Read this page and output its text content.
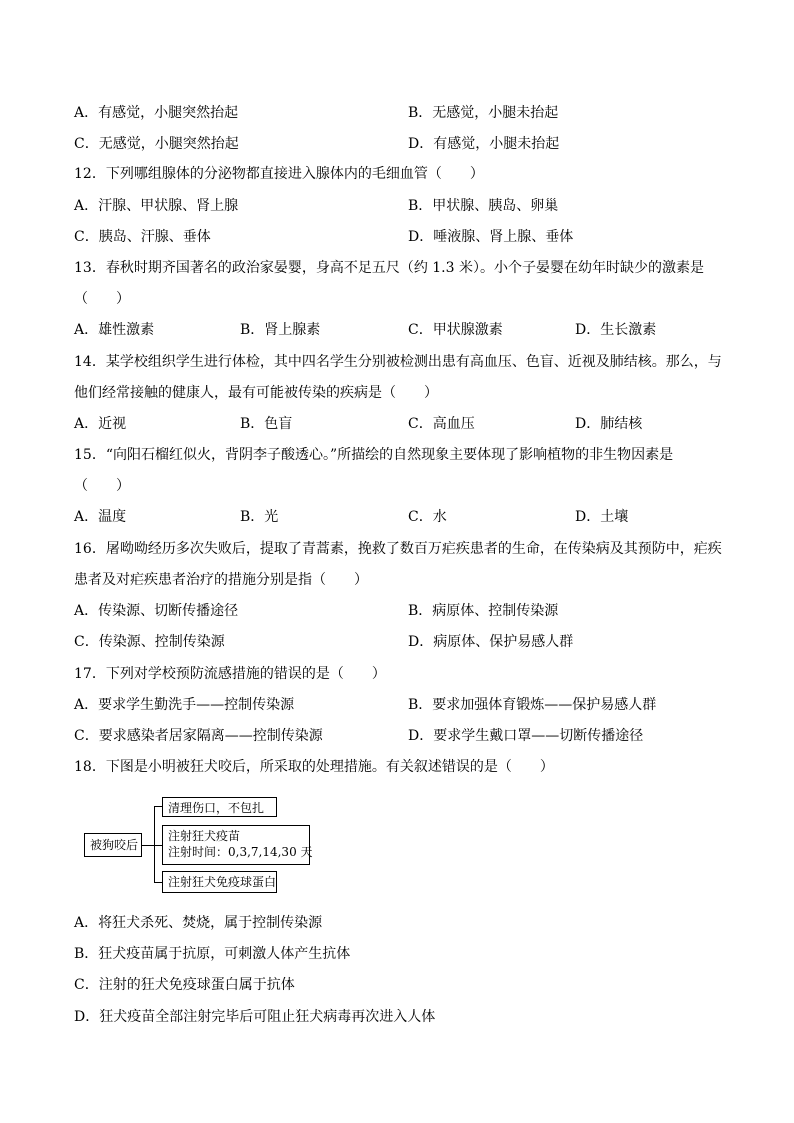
A．有感觉，小腿突然抬起	B．无感觉，小腿未抬起
C．无感觉，小腿突然抬起	D．有感觉，小腿未抬起
12．下列哪组腺体的分泌物都直接进入腺体内的毛细血管（　　）
A．汗腺、甲状腺、肾上腺	B．甲状腺、胰岛、卵巢
C．胰岛、汗腺、垂体	D．唾液腺、肾上腺、垂体
13．春秋时期齐国著名的政治家晏婴，身高不足五尺（约 1.3 米）。小个子晏婴在幼年时缺少的激素是
（　　）
A．雄性激素	B．肾上腺素	C．甲状腺激素	D．生长激素
14．某学校组织学生进行体检，其中四名学生分别被检测出患有高血压、色盲、近视及肺结核。那么，与
他们经常接触的健康人，最有可能被传染的疾病是（　　）
A．近视	B．色盲	C．高血压	D．肺结核
15．“向阳石榴红似火，背阴李子酸透心。”所描绘的自然现象主要体现了影响植物的非生物因素是
（　　）
A．温度	B．光	C．水	D．土壤
16．屠呦呦经历多次失败后，提取了青蒿素，挽救了数百万疟疾患者的生命，在传染病及其预防中，疟疾
患者及对疟疾患者治疗的措施分别是指（　　）
A．传染源、切断传播途径	B．病原体、控制传染源
C．传染源、控制传染源	D．病原体、保护易感人群
17．下列对学校预防流感措施的错误的是（　　）
A．要求学生勤洗手——控制传染源	B．要求加强体育锻炼——保护易感人群
C．要求感染者居家隔离——控制传染源	D．要求学生戴口罩——切断传播途径
18．下图是小明被狂犬咬后，所采取的处理措施。有关叙述错误的是（　　）
被狗咬后
清理伤口，不包扎
注射狂犬疫苗
注射时间：0,3,7,14,30 天
注射狂犬免疫球蛋白
A．将狂犬杀死、焚烧，属于控制传染源
B．狂犬疫苗属于抗原，可刺激人体产生抗体
C．注射的狂犬免疫球蛋白属于抗体
D．狂犬疫苗全部注射完毕后可阻止狂犬病毒再次进入人体
